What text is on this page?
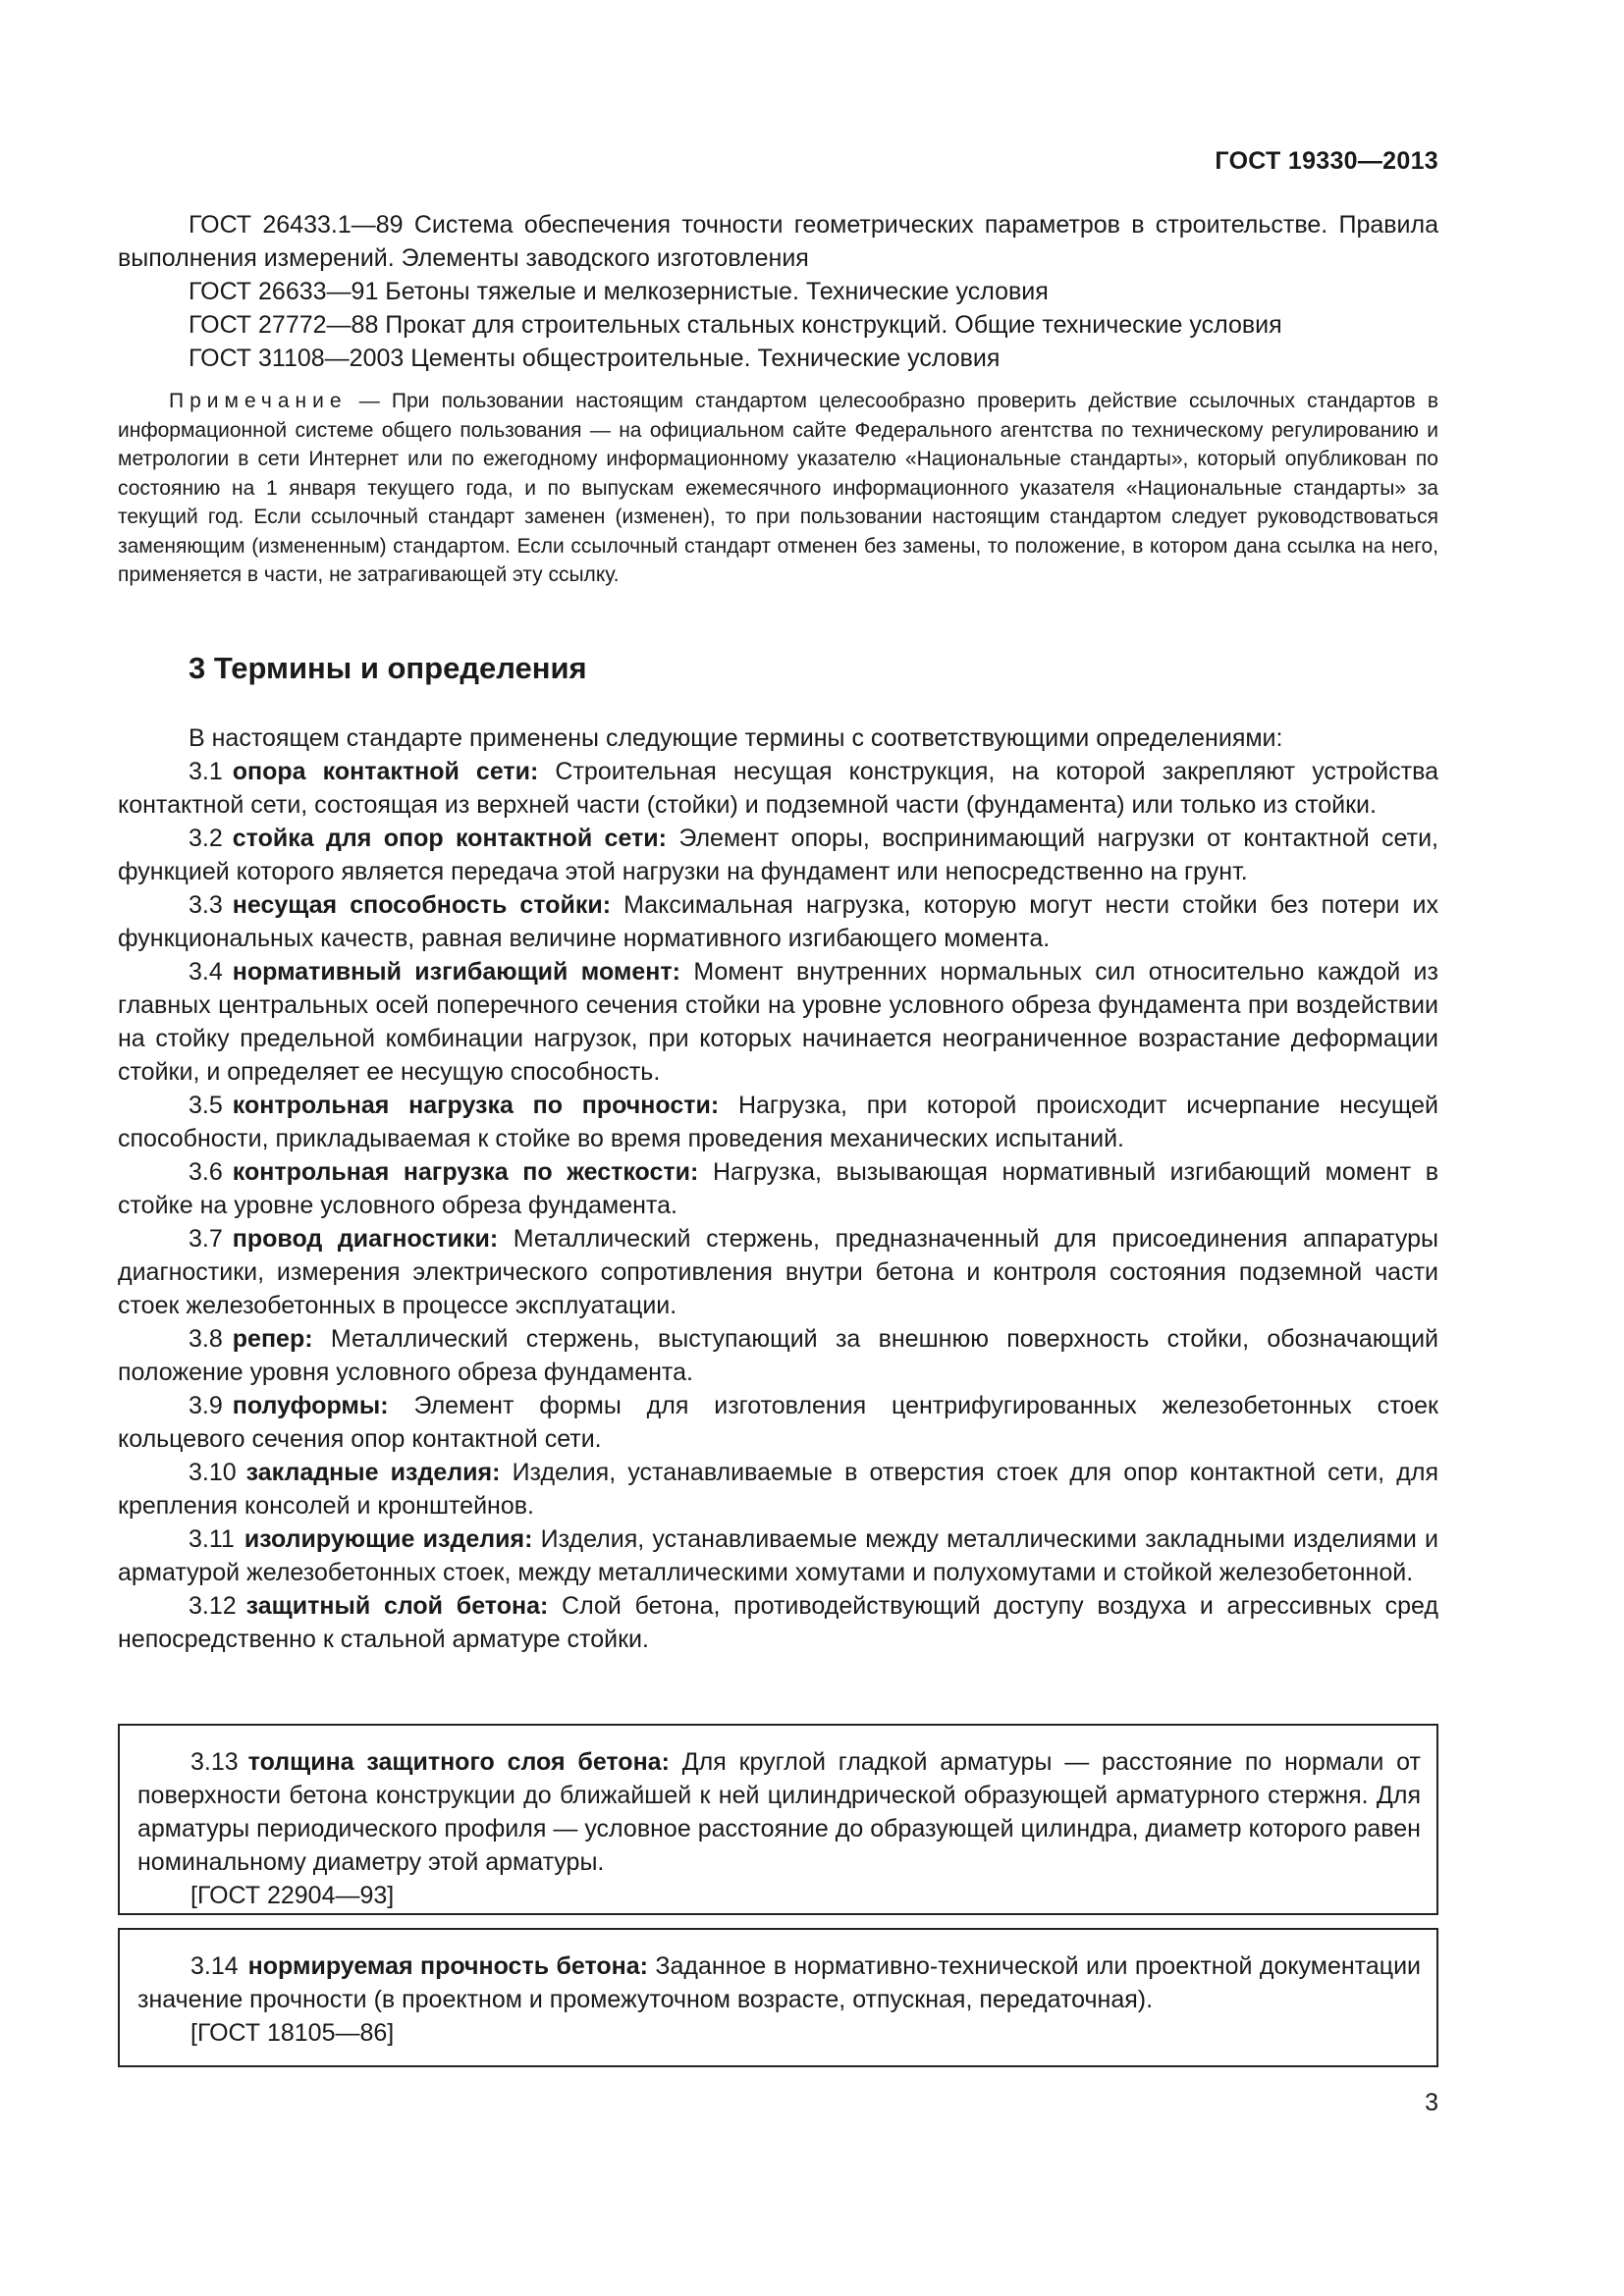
ГОСТ 19330—2013

ГОСТ 26433.1—89 Система обеспечения точности геометрических параметров в строительстве. Правила выполнения измерений. Элементы заводского изготовления

ГОСТ 26633—91 Бетоны тяжелые и мелкозернистые. Технические условия

ГОСТ 27772—88 Прокат для строительных стальных конструкций. Общие технические условия

ГОСТ 31108—2003 Цементы общестроительные. Технические условия

Примечание — При пользовании настоящим стандартом целесообразно проверить действие ссылочных стандартов в информационной системе общего пользования — на официальном сайте Федерального агентства по техническому регулированию и метрологии в сети Интернет или по ежегодному информационному указателю «Национальные стандарты», который опубликован по состоянию на 1 января текущего года, и по выпускам ежемесячного информационного указателя «Национальные стандарты» за текущий год. Если ссылочный стандарт заменен (изменен), то при пользовании настоящим стандартом следует руководствоваться заменяющим (измененным) стандартом. Если ссылочный стандарт отменен без замены, то положение, в котором дана ссылка на него, применяется в части, не затрагивающей эту ссылку.

3 Термины и определения

В настоящем стандарте применены следующие термины с соответствующими определениями:

3.1 опора контактной сети: Строительная несущая конструкция, на которой закрепляют устройства контактной сети, состоящая из верхней части (стойки) и подземной части (фундамента) или только из стойки.

3.2 стойка для опор контактной сети: Элемент опоры, воспринимающий нагрузки от контактной сети, функцией которого является передача этой нагрузки на фундамент или непосредственно на грунт.

3.3 несущая способность стойки: Максимальная нагрузка, которую могут нести стойки без потери их функциональных качеств, равная величине нормативного изгибающего момента.

3.4 нормативный изгибающий момент: Момент внутренних нормальных сил относительно каждой из главных центральных осей поперечного сечения стойки на уровне условного обреза фундамента при воздействии на стойку предельной комбинации нагрузок, при которых начинается неограниченное возрастание деформации стойки, и определяет ее несущую способность.

3.5 контрольная нагрузка по прочности: Нагрузка, при которой происходит исчерпание несущей способности, прикладываемая к стойке во время проведения механических испытаний.

3.6 контрольная нагрузка по жесткости: Нагрузка, вызывающая нормативный изгибающий момент в стойке на уровне условного обреза фундамента.

3.7 провод диагностики: Металлический стержень, предназначенный для присоединения аппаратуры диагностики, измерения электрического сопротивления внутри бетона и контроля состояния подземной части стоек железобетонных в процессе эксплуатации.

3.8 репер: Металлический стержень, выступающий за внешнюю поверхность стойки, обозначающий положение уровня условного обреза фундамента.

3.9 полуформы: Элемент формы для изготовления центрифугированных железобетонных стоек кольцевого сечения опор контактной сети.

3.10 закладные изделия: Изделия, устанавливаемые в отверстия стоек для опор контактной сети, для крепления консолей и кронштейнов.

3.11 изолирующие изделия: Изделия, устанавливаемые между металлическими закладными изделиями и арматурой железобетонных стоек, между металлическими хомутами и полухомутами и стойкой железобетонной.

3.12 защитный слой бетона: Слой бетона, противодействующий доступу воздуха и агрессивных сред непосредственно к стальной арматуре стойки.

3.13 толщина защитного слоя бетона: Для круглой гладкой арматуры — расстояние по нормали от поверхности бетона конструкции до ближайшей к ней цилиндрической образующей арматурного стержня. Для арматуры периодического профиля — условное расстояние до образующей цилиндра, диаметр которого равен номинальному диаметру этой арматуры.

[ГОСТ 22904—93]

3.14 нормируемая прочность бетона: Заданное в нормативно-технической или проектной документации значение прочности (в проектном и промежуточном возрасте, отпускная, передаточная).

[ГОСТ 18105—86]

3
